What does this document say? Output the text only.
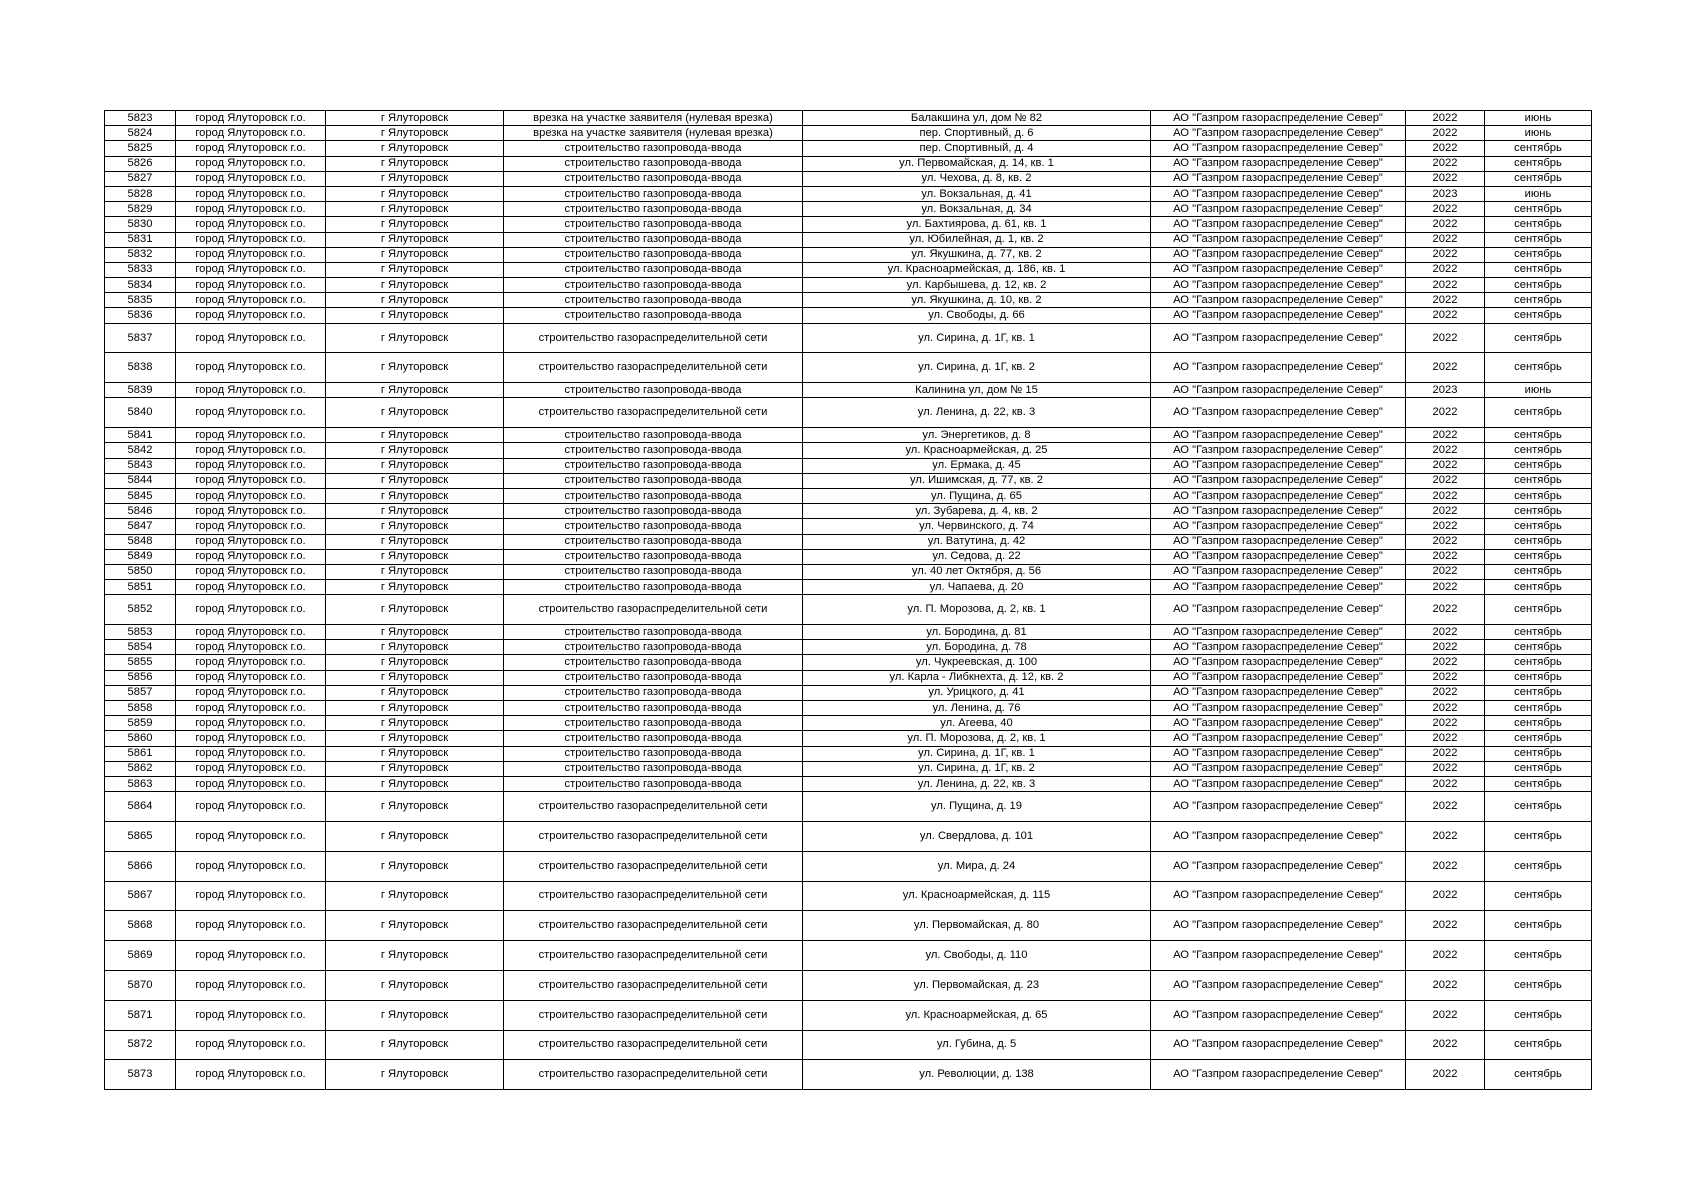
5823	город Ялуторовск г.о.	г Ялуторовск	врезка на участке заявителя (нулевая врезка)	Балакшина ул, дом № 82	АО "Газпром газораспределение Север"	2022	июнь
5824	город Ялуторовск г.о.	г Ялуторовск	врезка на участке заявителя (нулевая врезка)	пер. Спортивный, д. 6	АО "Газпром газораспределение Север"	2022	июнь
5825	город Ялуторовск г.о.	г Ялуторовск	строительство газопровода-ввода	пер. Спортивный, д. 4	АО "Газпром газораспределение Север"	2022	сентябрь
5826	город Ялуторовск г.о.	г Ялуторовск	строительство газопровода-ввода	ул. Первомайская, д. 14, кв. 1	АО "Газпром газораспределение Север"	2022	сентябрь
5827	город Ялуторовск г.о.	г Ялуторовск	строительство газопровода-ввода	ул. Чехова, д. 8, кв. 2	АО "Газпром газораспределение Север"	2022	сентябрь
5828	город Ялуторовск г.о.	г Ялуторовск	строительство газопровода-ввода	ул. Вокзальная, д. 41	АО "Газпром газораспределение Север"	2023	июнь
5829	город Ялуторовск г.о.	г Ялуторовск	строительство газопровода-ввода	ул. Вокзальная, д. 34	АО "Газпром газораспределение Север"	2022	сентябрь
5830	город Ялуторовск г.о.	г Ялуторовск	строительство газопровода-ввода	ул. Бахтиярова, д. 61, кв. 1	АО "Газпром газораспределение Север"	2022	сентябрь
5831	город Ялуторовск г.о.	г Ялуторовск	строительство газопровода-ввода	ул. Юбилейная, д. 1, кв. 2	АО "Газпром газораспределение Север"	2022	сентябрь
5832	город Ялуторовск г.о.	г Ялуторовск	строительство газопровода-ввода	ул. Якушкина, д. 77, кв. 2	АО "Газпром газораспределение Север"	2022	сентябрь
5833	город Ялуторовск г.о.	г Ялуторовск	строительство газопровода-ввода	ул. Красноармейская, д. 186, кв. 1	АО "Газпром газораспределение Север"	2022	сентябрь
5834	город Ялуторовск г.о.	г Ялуторовск	строительство газопровода-ввода	ул. Карбышева, д. 12, кв. 2	АО "Газпром газораспределение Север"	2022	сентябрь
5835	город Ялуторовск г.о.	г Ялуторовск	строительство газопровода-ввода	ул. Якушкина, д. 10, кв. 2	АО "Газпром газораспределение Север"	2022	сентябрь
5836	город Ялуторовск г.о.	г Ялуторовск	строительство газопровода-ввода	ул. Свободы, д. 66	АО "Газпром газораспределение Север"	2022	сентябрь
5837	город Ялуторовск г.о.	г Ялуторовск	строительство газораспределительной сети	ул. Сирина, д. 1Г, кв. 1	АО "Газпром газораспределение Север"	2022	сентябрь
5838	город Ялуторовск г.о.	г Ялуторовск	строительство газораспределительной сети	ул. Сирина, д. 1Г, кв. 2	АО "Газпром газораспределение Север"	2022	сентябрь
5839	город Ялуторовск г.о.	г Ялуторовск	строительство газопровода-ввода	Калинина ул, дом № 15	АО "Газпром газораспределение Север"	2023	июнь
5840	город Ялуторовск г.о.	г Ялуторовск	строительство газораспределительной сети	ул. Ленина, д. 22, кв. 3	АО "Газпром газораспределение Север"	2022	сентябрь
5841	город Ялуторовск г.о.	г Ялуторовск	строительство газопровода-ввода	ул. Энергетиков, д. 8	АО "Газпром газораспределение Север"	2022	сентябрь
5842	город Ялуторовск г.о.	г Ялуторовск	строительство газопровода-ввода	ул. Красноармейская, д. 25	АО "Газпром газораспределение Север"	2022	сентябрь
5843	город Ялуторовск г.о.	г Ялуторовск	строительство газопровода-ввода	ул. Ермака, д. 45	АО "Газпром газораспределение Север"	2022	сентябрь
5844	город Ялуторовск г.о.	г Ялуторовск	строительство газопровода-ввода	ул. Ишимская, д. 77, кв. 2	АО "Газпром газораспределение Север"	2022	сентябрь
5845	город Ялуторовск г.о.	г Ялуторовск	строительство газопровода-ввода	ул. Пущина, д. 65	АО "Газпром газораспределение Север"	2022	сентябрь
5846	город Ялуторовск г.о.	г Ялуторовск	строительство газопровода-ввода	ул. Зубарева, д. 4, кв. 2	АО "Газпром газораспределение Север"	2022	сентябрь
5847	город Ялуторовск г.о.	г Ялуторовск	строительство газопровода-ввода	ул. Червинского, д. 74	АО "Газпром газораспределение Север"	2022	сентябрь
5848	город Ялуторовск г.о.	г Ялуторовск	строительство газопровода-ввода	ул. Ватутина, д. 42	АО "Газпром газораспределение Север"	2022	сентябрь
5849	город Ялуторовск г.о.	г Ялуторовск	строительство газопровода-ввода	ул. Седова, д. 22	АО "Газпром газораспределение Север"	2022	сентябрь
5850	город Ялуторовск г.о.	г Ялуторовск	строительство газопровода-ввода	ул. 40 лет Октября, д. 56	АО "Газпром газораспределение Север"	2022	сентябрь
5851	город Ялуторовск г.о.	г Ялуторовск	строительство газопровода-ввода	ул. Чапаева, д. 20	АО "Газпром газораспределение Север"	2022	сентябрь
5852	город Ялуторовск г.о.	г Ялуторовск	строительство газораспределительной сети	ул. П. Морозова, д. 2, кв. 1	АО "Газпром газораспределение Север"	2022	сентябрь
5853	город Ялуторовск г.о.	г Ялуторовск	строительство газопровода-ввода	ул. Бородина, д. 81	АО "Газпром газораспределение Север"	2022	сентябрь
5854	город Ялуторовск г.о.	г Ялуторовск	строительство газопровода-ввода	ул. Бородина, д. 78	АО "Газпром газораспределение Север"	2022	сентябрь
5855	город Ялуторовск г.о.	г Ялуторовск	строительство газопровода-ввода	ул. Чукреевская, д. 100	АО "Газпром газораспределение Север"	2022	сентябрь
5856	город Ялуторовск г.о.	г Ялуторовск	строительство газопровода-ввода	ул. Карла - Либкнехта, д. 12, кв. 2	АО "Газпром газораспределение Север"	2022	сентябрь
5857	город Ялуторовск г.о.	г Ялуторовск	строительство газопровода-ввода	ул. Урицкого, д. 41	АО "Газпром газораспределение Север"	2022	сентябрь
5858	город Ялуторовск г.о.	г Ялуторовск	строительство газопровода-ввода	ул. Ленина, д. 76	АО "Газпром газораспределение Север"	2022	сентябрь
5859	город Ялуторовск г.о.	г Ялуторовск	строительство газопровода-ввода	ул. Агеева, 40	АО "Газпром газораспределение Север"	2022	сентябрь
5860	город Ялуторовск г.о.	г Ялуторовск	строительство газопровода-ввода	ул. П. Морозова, д. 2, кв. 1	АО "Газпром газораспределение Север"	2022	сентябрь
5861	город Ялуторовск г.о.	г Ялуторовск	строительство газопровода-ввода	ул. Сирина, д. 1Г, кв. 1	АО "Газпром газораспределение Север"	2022	сентябрь
5862	город Ялуторовск г.о.	г Ялуторовск	строительство газопровода-ввода	ул. Сирина, д. 1Г, кв. 2	АО "Газпром газораспределение Север"	2022	сентябрь
5863	город Ялуторовск г.о.	г Ялуторовск	строительство газопровода-ввода	ул. Ленина, д. 22, кв. 3	АО "Газпром газораспределение Север"	2022	сентябрь
5864	город Ялуторовск г.о.	г Ялуторовск	строительство газораспределительной сети	ул. Пущина, д. 19	АО "Газпром газораспределение Север"	2022	сентябрь
5865	город Ялуторовск г.о.	г Ялуторовск	строительство газораспределительной сети	ул. Свердлова, д. 101	АО "Газпром газораспределение Север"	2022	сентябрь
5866	город Ялуторовск г.о.	г Ялуторовск	строительство газораспределительной сети	ул. Мира, д. 24	АО "Газпром газораспределение Север"	2022	сентябрь
5867	город Ялуторовск г.о.	г Ялуторовск	строительство газораспределительной сети	ул. Красноармейская, д. 115	АО "Газпром газораспределение Север"	2022	сентябрь
5868	город Ялуторовск г.о.	г Ялуторовск	строительство газораспределительной сети	ул. Первомайская, д. 80	АО "Газпром газораспределение Север"	2022	сентябрь
5869	город Ялуторовск г.о.	г Ялуторовск	строительство газораспределительной сети	ул. Свободы, д. 110	АО "Газпром газораспределение Север"	2022	сентябрь
5870	город Ялуторовск г.о.	г Ялуторовск	строительство газораспределительной сети	ул. Первомайская, д. 23	АО "Газпром газораспределение Север"	2022	сентябрь
5871	город Ялуторовск г.о.	г Ялуторовск	строительство газораспределительной сети	ул. Красноармейская, д. 65	АО "Газпром газораспределение Север"	2022	сентябрь
5872	город Ялуторовск г.о.	г Ялуторовск	строительство газораспределительной сети	ул. Губина, д. 5	АО "Газпром газораспределение Север"	2022	сентябрь
5873	город Ялуторовск г.о.	г Ялуторовск	строительство газораспределительной сети	ул. Революции, д. 138	АО "Газпром газораспределение Север"	2022	сентябрь
